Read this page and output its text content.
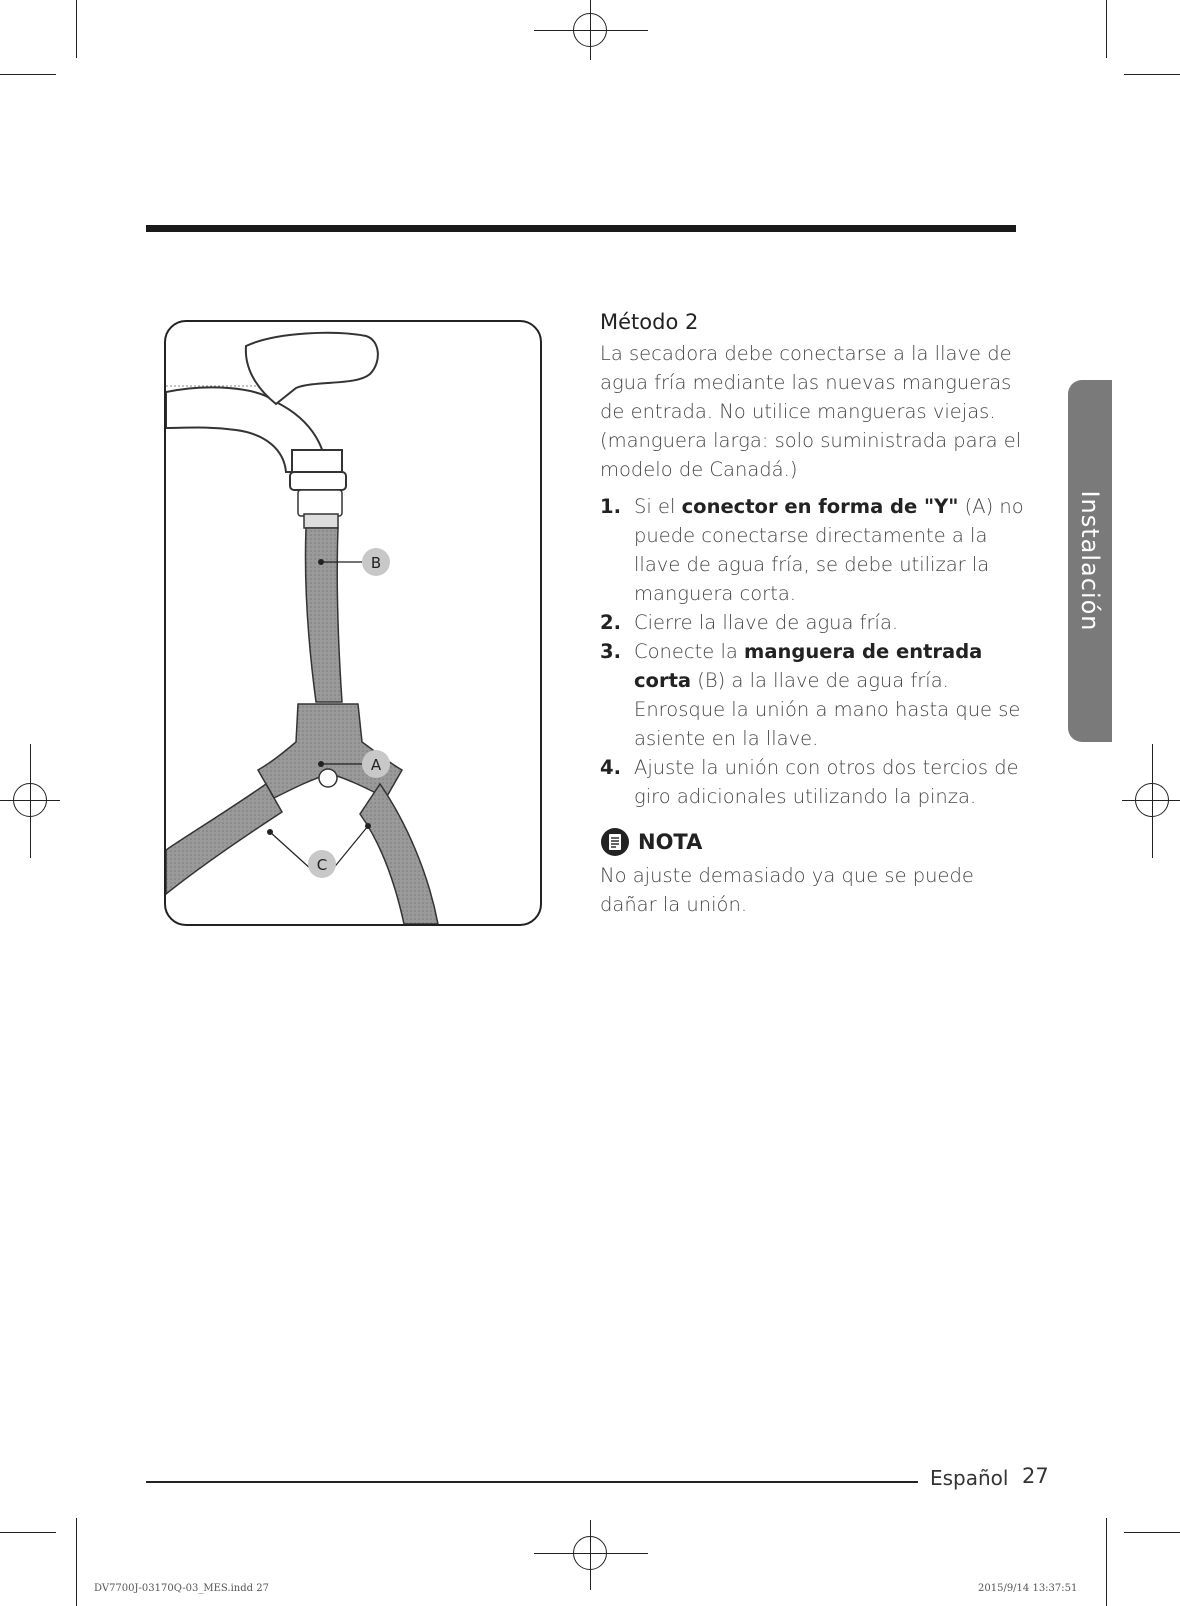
B
A
C
Método 2

La secadora debe conectarse a la llave de agua fría mediante las nuevas mangueras de entrada. No utilice mangueras viejas. (manguera larga: solo suministrada para el modelo de Canadá.)

1. Si el conector en forma de "Y" (A) no puede conectarse directamente a la llave de agua fría, se debe utilizar la manguera corta.
2. Cierre la llave de agua fría.
3. Conecte la manguera de entrada corta (B) a la llave de agua fría.
Enrosque la unión a mano hasta que se asiente en la llave.
4. Ajuste la unión con otros dos tercios de giro adicionales utilizando la pinza.
NOTA

No ajuste demasiado ya que se puede dañar la unión.

Instalación
Español 27
DV7700J-03170Q-03_MES.indd 27	2015/9/14 13:37:51
